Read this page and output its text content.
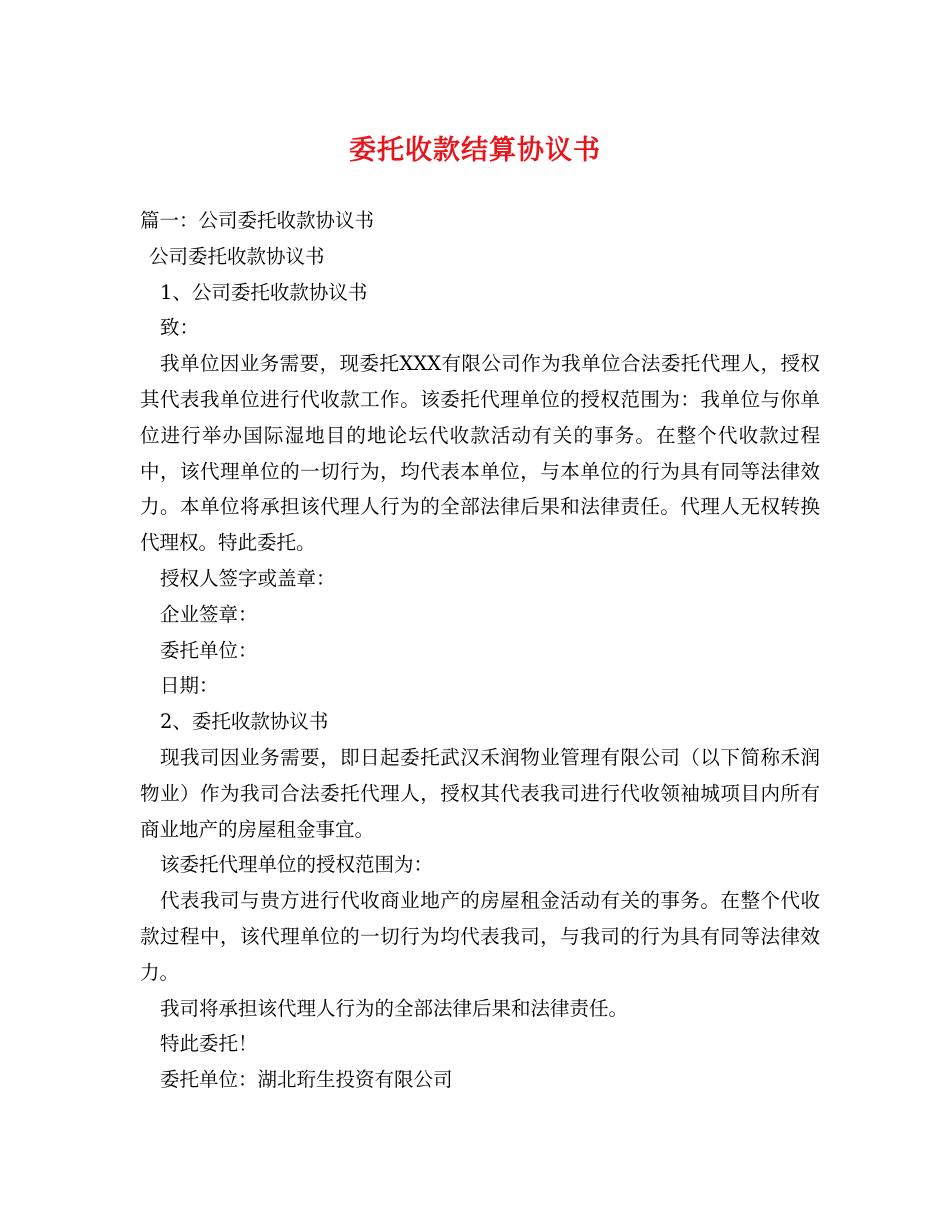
委托收款结算协议书
篇一：公司委托收款协议书
公司委托收款协议书
1、公司委托收款协议书
致：
我单位因业务需要，现委托XXX有限公司作为我单位合法委托代理人，授权其代表我单位进行代收款工作。该委托代理单位的授权范围为：我单位与你单位进行举办国际湿地目的地论坛代收款活动有关的事务。在整个代收款过程中，该代理单位的一切行为，均代表本单位，与本单位的行为具有同等法律效力。本单位将承担该代理人行为的全部法律后果和法律责任。代理人无权转换代理权。特此委托。
授权人签字或盖章：
企业签章：
委托单位：
日期：
2、委托收款协议书
现我司因业务需要，即日起委托武汉禾润物业管理有限公司（以下简称禾润物业）作为我司合法委托代理人，授权其代表我司进行代收领袖城项目内所有商业地产的房屋租金事宜。
该委托代理单位的授权范围为：
代表我司与贵方进行代收商业地产的房屋租金活动有关的事务。在整个代收款过程中，该代理单位的一切行为均代表我司，与我司的行为具有同等法律效力。
我司将承担该代理人行为的全部法律后果和法律责任。
特此委托！
委托单位：湖北珩生投资有限公司
